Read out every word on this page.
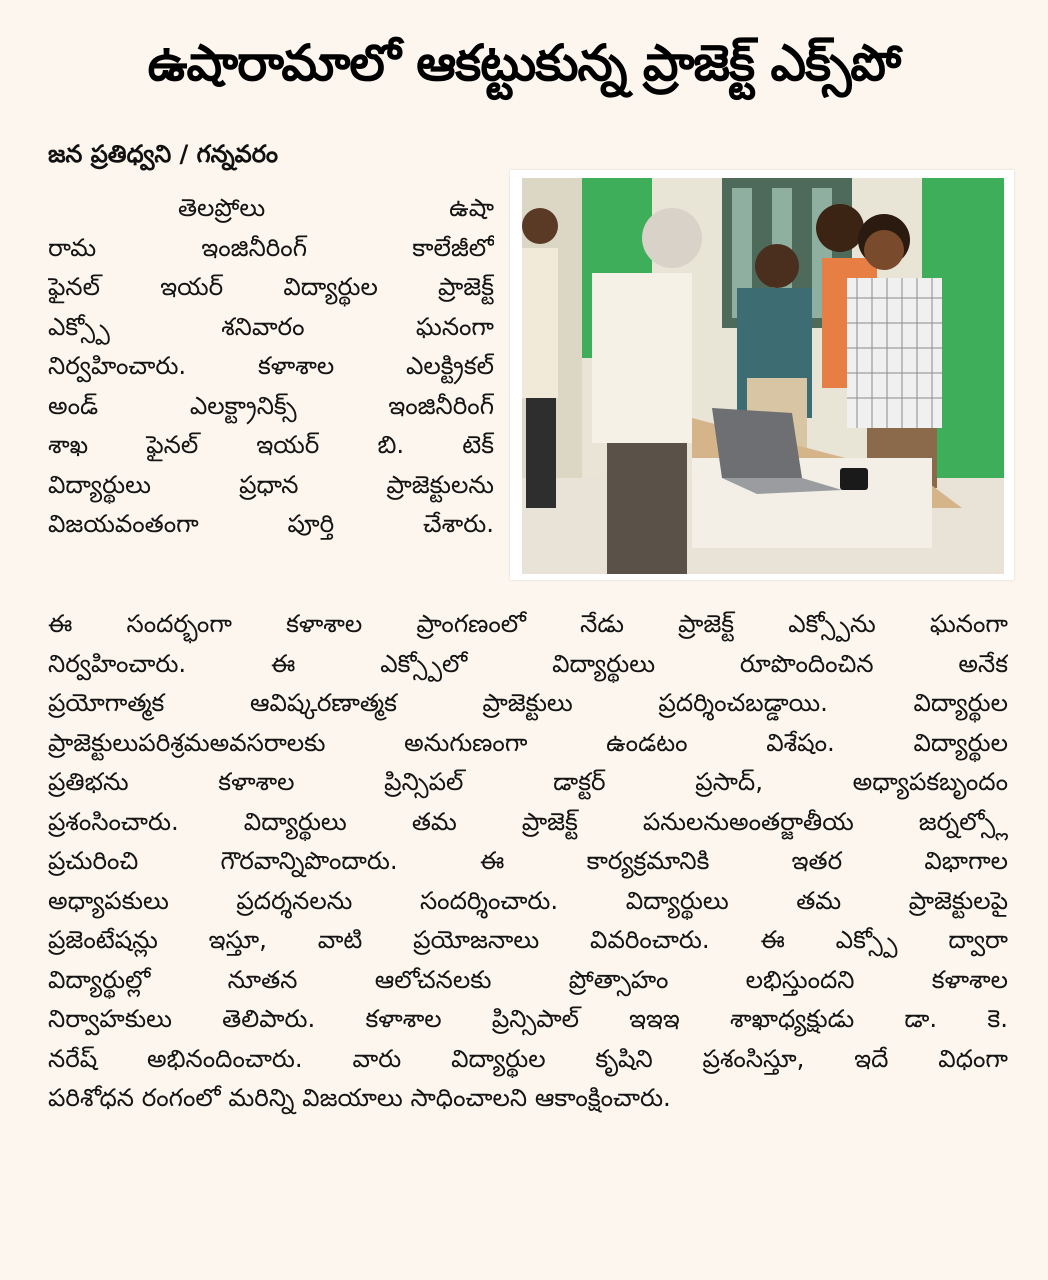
ఉషారామాలో ఆకట్టుకున్న ప్రాజెక్ట్ ఎక్స్‌పో
జన ప్రతిధ్వని / గన్నవరం
తెలప్రోలు ఉషా
రామ ఇంజినీరింగ్ కాలేజీలో
ఫైనల్ ఇయర్ విద్యార్థుల ప్రాజెక్ట్
ఎక్స్పో శనివారం ఘనంగా
నిర్వహించారు. కళాశాల ఎలక్ట్రికల్
అండ్ ఎలక్ట్రానిక్స్ ఇంజినీరింగ్
శాఖ ఫైనల్ ఇయర్ బి. టెక్
విద్యార్థులు ప్రధాన ప్రాజెక్టులను
విజయవంతంగా పూర్తి చేశారు.
ఈ సందర్భంగా కళాశాల ప్రాంగణంలో నేడు ప్రాజెక్ట్ ఎక్స్పోను ఘనంగా
నిర్వహించారు. ఈ ఎక్స్పోలో విద్యార్థులు రూపొందించిన అనేక
ప్రయోగాత్మక ఆవిష్కరణాత్మక ప్రాజెక్టులు ప్రదర్శించబడ్డాయి. విద్యార్థుల
ప్రాజెక్టులుపరిశ్రమఅవసరాలకు అనుగుణంగా ఉండటం విశేషం. విద్యార్థుల
ప్రతిభను కళాశాల ప్రిన్సిపల్ డాక్టర్ ప్రసాద్, అధ్యాపకబృందం
ప్రశంసించారు. విద్యార్థులు తమ ప్రాజెక్ట్ పనులనుఅంతర్జాతీయ జర్నల్స్లో
ప్రచురించి గౌరవాన్నిపొందారు. ఈ కార్యక్రమానికి ఇతర విభాగాల
అధ్యాపకులు ప్రదర్శనలను సందర్శించారు. విద్యార్థులు తమ ప్రాజెక్టులపై
ప్రజెంటేషన్లు ఇస్తూ, వాటి ప్రయోజనాలు వివరించారు. ఈ ఎక్స్పో ద్వారా
విద్యార్థుల్లో నూతన ఆలోచనలకు ప్రోత్సాహం లభిస్తుందని కళాశాల
నిర్వాహకులు తెలిపారు. కళాశాల ప్రిన్సిపాల్ ఇఇఇ శాఖాధ్యక్షుడు డా. కె.
నరేష్ అభినందించారు. వారు విద్యార్థుల కృషిని ప్రశంసిస్తూ, ఇదే విధంగా
పరిశోధన రంగంలో మరిన్ని విజయాలు సాధించాలని ఆకాంక్షించారు.
